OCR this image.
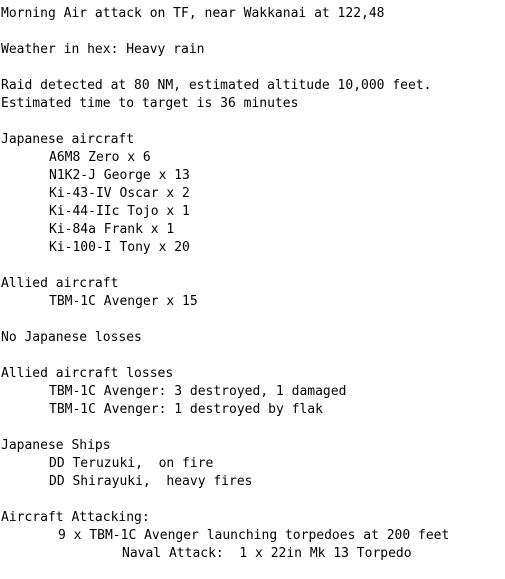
Morning Air attack on TF, near Wakkanai at 122,48
Weather in hex: Heavy rain
Raid detected at 80 NM, estimated altitude 10,000 feet.
Estimated time to target is 36 minutes
Japanese aircraft
A6M8 Zero x 6
N1K2-J George x 13
Ki-43-IV Oscar x 2
Ki-44-IIc Tojo x 1
Ki-84a Frank x 1
Ki-100-I Tony x 20
Allied aircraft
TBM-1C Avenger x 15
No Japanese losses
Allied aircraft losses
TBM-1C Avenger: 3 destroyed, 1 damaged
TBM-1C Avenger: 1 destroyed by flak
Japanese Ships
DD Teruzuki,  on fire
DD Shirayuki,  heavy fires
Aircraft Attacking:
9 x TBM-1C Avenger launching torpedoes at 200 feet
Naval Attack:  1 x 22in Mk 13 Torpedo
